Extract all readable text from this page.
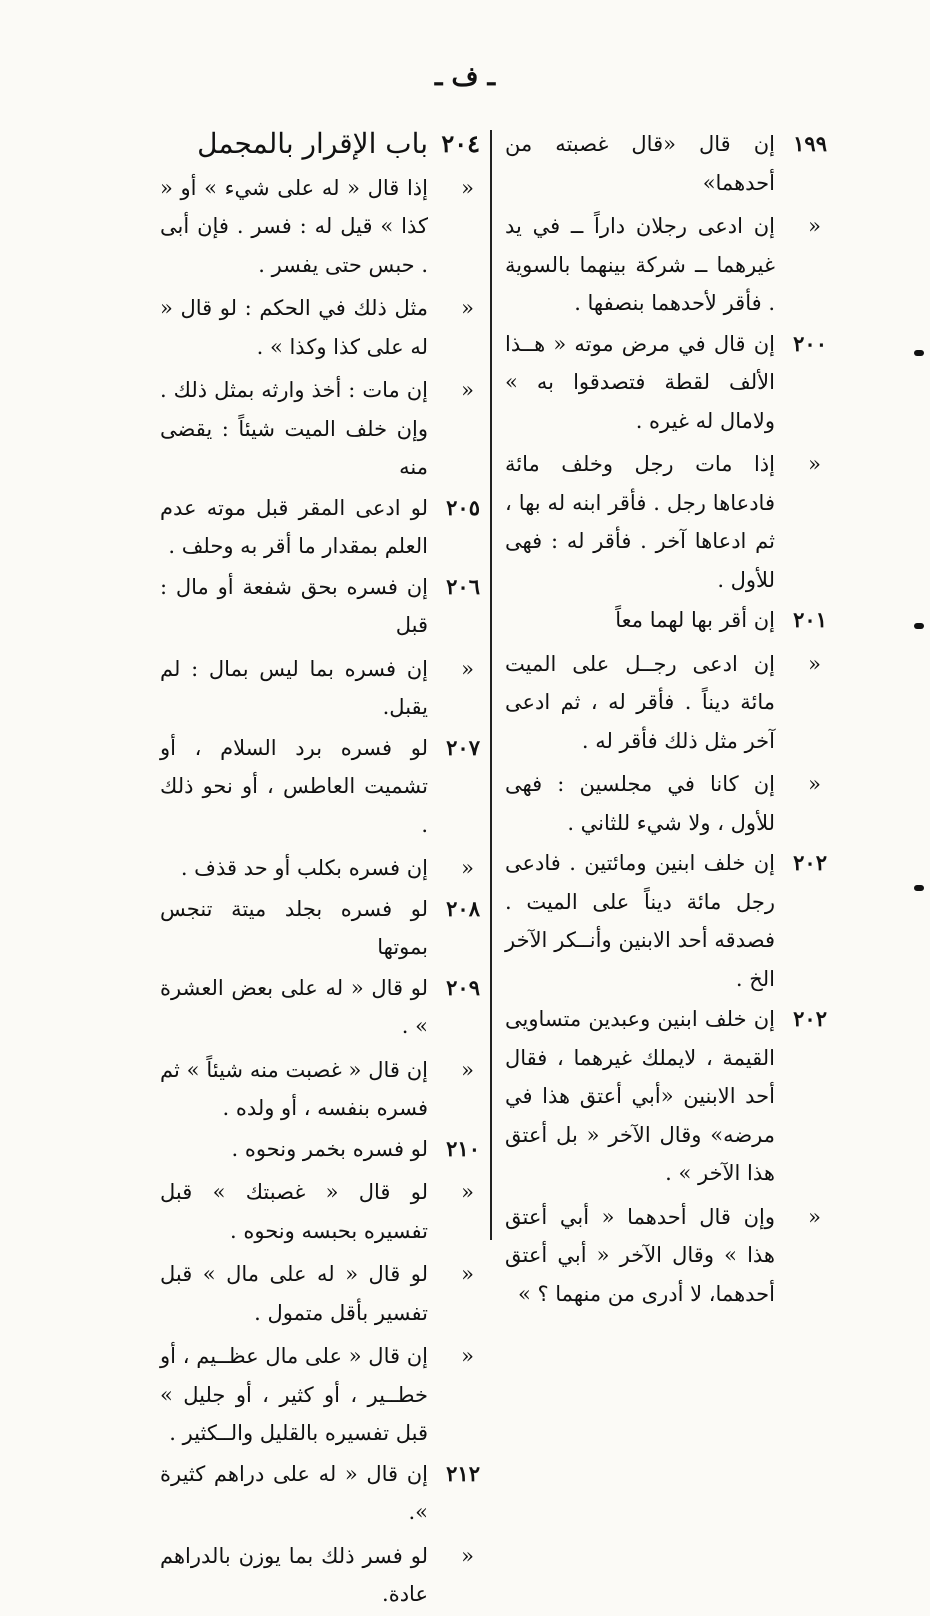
ـ ف ـ
١٩٩
إن قال «قال غصبته من أحدهما»
«
إن ادعى رجلان داراً ــ في يد غيرهما ــ شركة بينهما بالسوية . فأقر لأحدهما بنصفها .
٢٠٠
إن قال في مرض موته « هــذا الألف لقطة فتصدقوا به » ولامال له غيره .
«
إذا مات رجل وخلف مائة فادعاها رجل . فأقر ابنه له بها ، ثم ادعاها آخر . فأقر له : فهى للأول .
٢٠١
إن أقر بها لهما معاً
«
إن ادعى رجــل على الميت مائة ديناً . فأقر له ، ثم ادعى آخر مثل ذلك فأقر له .
«
إن كانا في مجلسين : فهى للأول ، ولا شيء للثاني .
٢٠٢
إن خلف ابنين ومائتين . فادعى رجل مائة ديناً على الميت . فصدقه أحد الابنين وأنــكر الآخر الخ .
٢٠٢
إن خلف ابنين وعبدين متساويى القيمة ، لايملك غيرهما ، فقال أحد الابنين «أبي أعتق هذا في مرضه» وقال الآخر « بل أعتق هذا الآخر » .
«
وإن قال أحدهما « أبي أعتق هذا » وقال الآخر « أبي أعتق أحدهما، لا أدرى من منهما ؟ »
٢٠٤
باب الإقرار بالمجمل
«
إذا قال « له على شيء » أو « كذا » قيل له : فسر . فإن أبى . حبس حتى يفسر .
«
مثل ذلك في الحكم : لو قال « له على كذا وكذا » .
«
إن مات : أخذ وارثه بمثل ذلك . وإن خلف الميت شيئاً : يقضى منه
٢٠٥
لو ادعى المقر قبل موته عدم العلم بمقدار ما أقر به وحلف .
٢٠٦
إن فسره بحق شفعة أو مال : قبل
«
إن فسره بما ليس بمال : لم يقبل.
٢٠٧
لو فسره برد السلام ، أو تشميت العاطس ، أو نحو ذلك .
«
إن فسره بكلب أو حد قذف .
٢٠٨
لو فسره بجلد ميتة تنجس بموتها
٢٠٩
لو قال « له على بعض العشرة » .
«
إن قال « غصبت منه شيئاً » ثم فسره بنفسه ، أو ولده .
٢١٠
لو فسره بخمر ونحوه .
«
لو قال « غصبتك » قبل تفسيره بحبسه ونحوه .
«
لو قال « له على مال » قبل تفسير بأقل متمول .
«
إن قال « على مال عظــيم ، أو خطــير ، أو كثير ، أو جليل » قبل تفسيره بالقليل والــكثير .
٢١٢
إن قال « له على دراهم كثيرة ».
«
لو فسر ذلك بما يوزن بالدراهم عادة.
